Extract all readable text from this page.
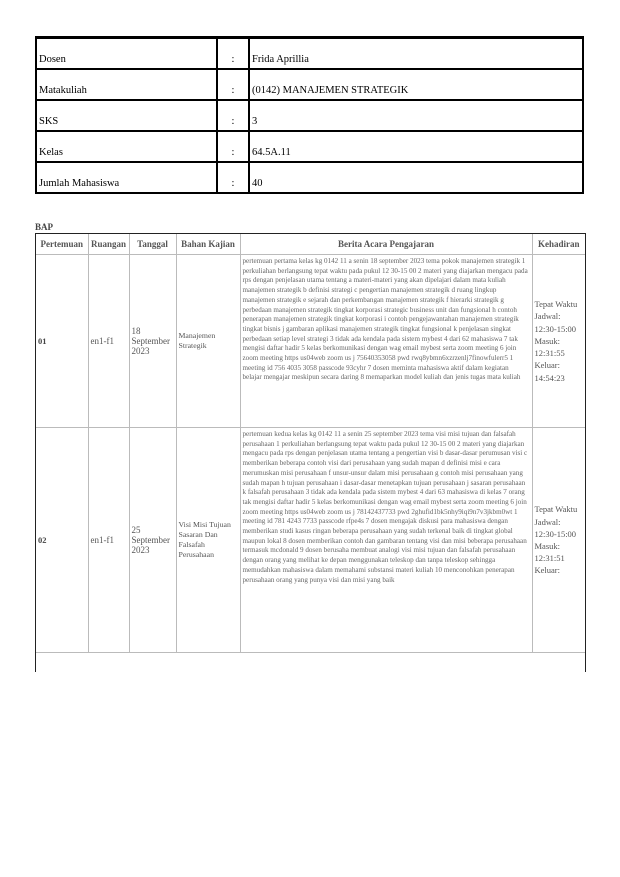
Dosen	:	Frida Aprillia
Matakuliah	:	(0142) MANAJEMEN STRATEGIK
SKS	:	3
Kelas	:	64.5A.11
Jumlah Mahasiswa	:	40
BAP
Pertemuan	Ruangan	Tanggal	Bahan Kajian	Berita Acara Pengajaran	Kehadiran
01	en1-f1	18 September 2023	Manajemen Strategik	pertemuan pertama kelas kg 0142 11 a senin 18 september 2023 tema pokok manajemen strategik 1 perkuliahan berlangsung tepat waktu pada pukul 12 30-15 00 2 materi yang diajarkan mengacu pada rps dengan penjelasan utama tentang a materi-materi yang akan dipelajari dalam mata kuliah manajemen strategik b definisi strategi c pengertian manajemen strategik d ruang lingkup manajemen strategik e sejarah dan perkembangan manajemen strategik f hierarki strategik g perbedaan manajemen strategik tingkat korporasi strategic business unit dan fungsional h contoh penerapan manajemen strategik tingkat korporasi i contoh pengejawantahan manajemen strategik tingkat bisnis j gambaran aplikasi manajemen strategik tingkat fungsional k penjelasan singkat perbedaan setiap level strategi 3 tidak ada kendala pada sistem mybest 4 dari 62 mahasiswa 7 tak mengisi daftar hadir 5 kelas berkomunikasi dengan wag email mybest serta zoom meeting 6 join zoom meeting https us04web zoom us j 75640353058 pwd rwq8ybmn6xzrzenlj7finowfulerr5 1 meeting id 756 4035 3058 passcode 93cyhr 7 dosen meminta mahasiswa aktif dalam kegiatan belajar mengajar meskipun secara daring 8 memaparkan model kuliah dan jenis tugas mata kuliah	Tepat Waktu Jadwal: 12:30-15:00 Masuk: 12:31:55 Keluar: 14:54:23
02	en1-f1	25 September 2023	Visi Misi Tujuan Sasaran Dan Falsafah Perusahaan	pertemuan kedua kelas kg 0142 11 a senin 25 september 2023 tema visi misi tujuan dan falsafah perusahaan 1 perkuliahan berlangsung tepat waktu pada pukul 12 30-15 00 2 materi yang diajarkan mengacu pada rps dengan penjelasan utama tentang a pengertian visi b dasar-dasar perumusan visi c memberikan beberapa contoh visi dari perusahaan yang sudah mapan d definisi misi e cara merumuskan misi perusahaan f unsur-unsur dalam misi perusahaan g contoh misi perusahaan yang sudah mapan h tujuan perusahaan i dasar-dasar menetapkan tujuan perusahaan j sasaran perusahaan k falsafah perusahaan 3 tidak ada kendala pada sistem mybest 4 dari 63 mahasiswa di kelas 7 orang tak mengisi daftar hadir 5 kelas berkomunikasi dengan wag email mybest serta zoom meeting 6 join zoom meeting https us04web zoom us j 78142437733 pwd 2ghufid1bk5nhy9iqi9n7v3jkbm0wt 1 meeting id 781 4243 7733 passcode rfpe4s 7 dosen mengajak diskusi para mahasiswa dengan memberikan studi kasus ringan beberapa perusahaan yang sudah terkenal baik di tingkat global maupun lokal 8 dosen memberikan contoh dan gambaran tentang visi dan misi beberapa perusahaan termasuk mcdonald 9 dosen berusaha membuat analogi visi misi tujuan dan falsafah perusahaan dengan orang yang melihat ke depan menggunakan teleskop dan tanpa teleskop sehingga memudahkan mahasiswa dalam memahami substansi materi kuliah 10 menconohkan penerapan perusahaan orang yang punya visi dan misi yang baik	Tepat Waktu Jadwal: 12:30-15:00 Masuk: 12:31:51 Keluar:
